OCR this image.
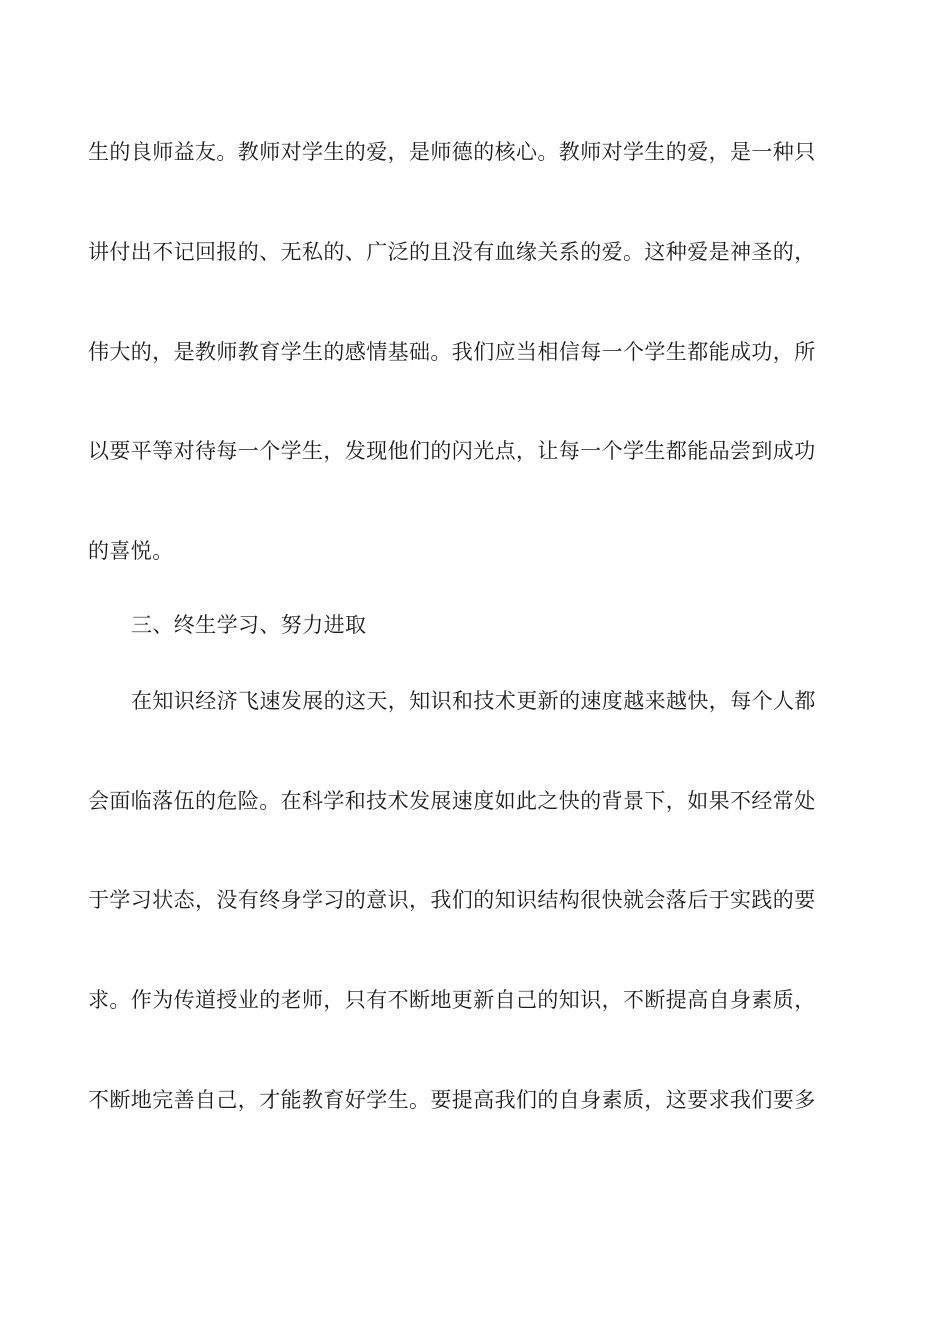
生的良师益友。教师对学生的爱，是师德的核心。教师对学生的爱，是一种只
讲付出不记回报的、无私的、广泛的且没有血缘关系的爱。这种爱是神圣的，
伟大的，是教师教育学生的感情基础。我们应当相信每一个学生都能成功，所
以要平等对待每一个学生，发现他们的闪光点，让每一个学生都能品尝到成功
的喜悦。
三、终生学习、努力进取
在知识经济飞速发展的这天，知识和技术更新的速度越来越快，每个人都
会面临落伍的危险。在科学和技术发展速度如此之快的背景下，如果不经常处
于学习状态，没有终身学习的意识，我们的知识结构很快就会落后于实践的要
求。作为传道授业的老师，只有不断地更新自己的知识，不断提高自身素质，
不断地完善自己，才能教育好学生。要提高我们的自身素质，这要求我们要多
